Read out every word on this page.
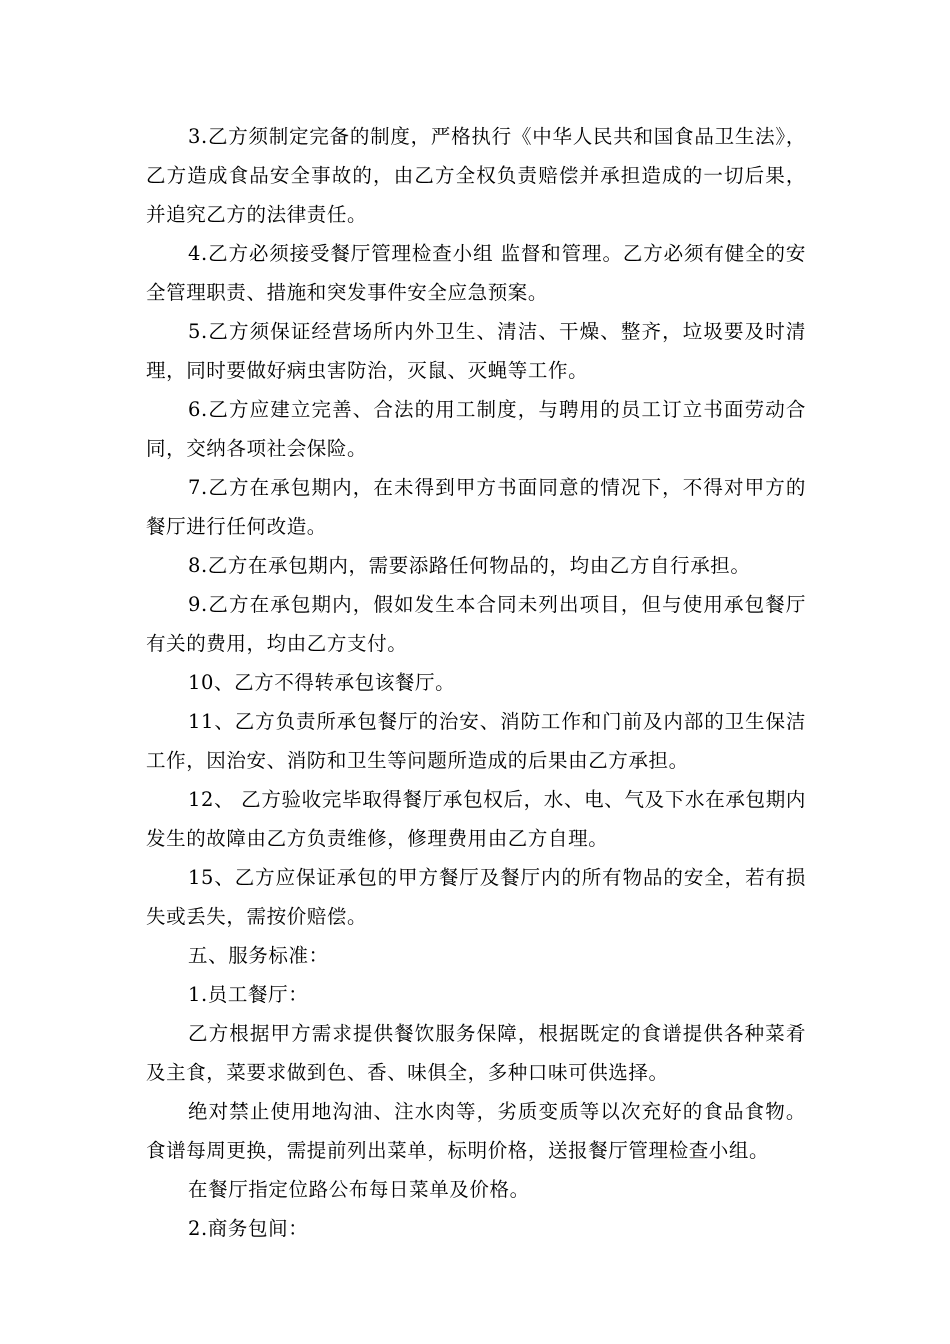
3.乙方须制定完备的制度，严格执行《中华人民共和国食品卫生法》，乙方造成食品安全事故的，由乙方全权负责赔偿并承担造成的一切后果，并追究乙方的法律责任。

4.乙方必须接受餐厅管理检查小组 监督和管理。乙方必须有健全的安全管理职责、措施和突发事件安全应急预案。

5.乙方须保证经营场所内外卫生、清洁、干燥、整齐，垃圾要及时清理，同时要做好病虫害防治，灭鼠、灭蝇等工作。

6.乙方应建立完善、合法的用工制度，与聘用的员工订立书面劳动合同，交纳各项社会保险。

7.乙方在承包期内，在未得到甲方书面同意的情况下，不得对甲方的餐厅进行任何改造。

8.乙方在承包期内，需要添路任何物品的，均由乙方自行承担。

9.乙方在承包期内，假如发生本合同未列出项目，但与使用承包餐厅有关的费用，均由乙方支付。

10、乙方不得转承包该餐厅。

11、乙方负责所承包餐厅的治安、消防工作和门前及内部的卫生保洁工作，因治安、消防和卫生等问题所造成的后果由乙方承担。

12、 乙方验收完毕取得餐厅承包权后，水、电、气及下水在承包期内发生的故障由乙方负责维修，修理费用由乙方自理。

15、乙方应保证承包的甲方餐厅及餐厅内的所有物品的安全，若有损失或丢失，需按价赔偿。

五、服务标准：

1.员工餐厅：

乙方根据甲方需求提供餐饮服务保障，根据既定的食谱提供各种菜肴及主食，菜要求做到色、香、味俱全，多种口味可供选择。

绝对禁止使用地沟油、注水肉等，劣质变质等以次充好的食品食物。食谱每周更换，需提前列出菜单，标明价格，送报餐厅管理检查小组。

在餐厅指定位路公布每日菜单及价格。

2.商务包间：
